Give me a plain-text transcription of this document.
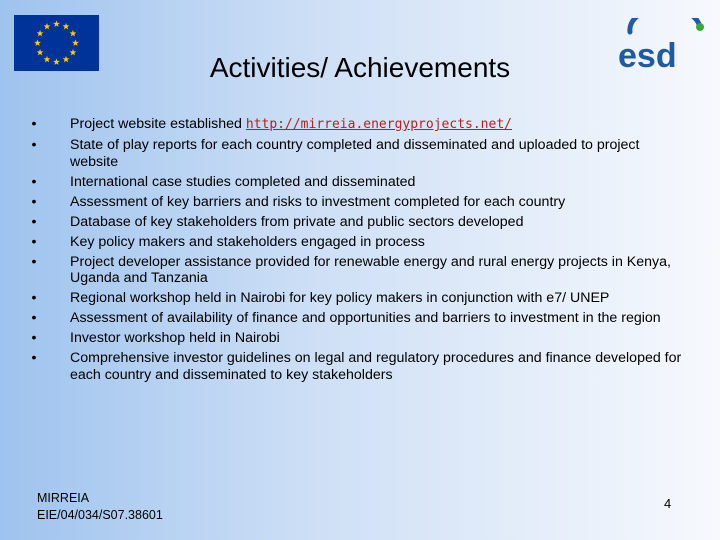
esd
Activities/ Achievements
• Project website established http://mirreia.energyprojects.net/
• State of play reports for each country completed and disseminated and uploaded to project website
• International case studies completed and disseminated
• Assessment of key barriers and risks to investment completed for each country
• Database of key stakeholders from private and public sectors developed
• Key policy makers and stakeholders engaged in process
• Project developer assistance provided for renewable energy and rural energy projects in Kenya, Uganda and Tanzania
• Regional workshop held in Nairobi for key policy makers in conjunction with e7/ UNEP
• Assessment of availability of finance and opportunities and barriers to investment in the region
• Investor workshop held in Nairobi
• Comprehensive investor guidelines on legal and regulatory procedures and finance developed for each country and disseminated to key stakeholders
MIRREIA
EIE/04/034/S07.38601
4
